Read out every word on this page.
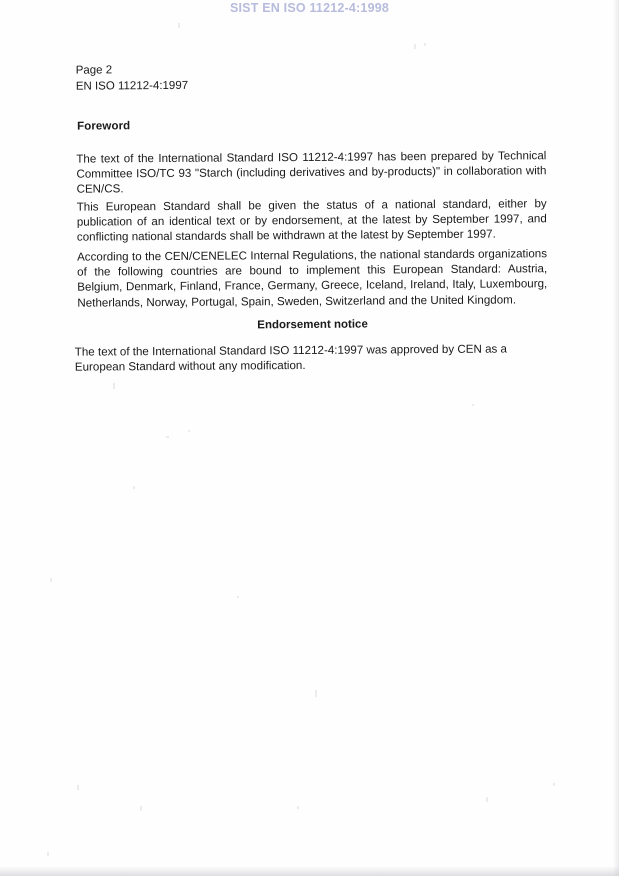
SIST EN ISO 11212-4:1998
Page 2
EN ISO 11212-4:1997
Foreword
The text of the International Standard ISO 11212-4:1997 has been prepared by Technical Committee ISO/TC 93 "Starch (including derivatives and by-products)" in collaboration with CEN/CS.
This European Standard shall be given the status of a national standard, either by publication of an identical text or by endorsement, at the latest by September 1997, and conflicting national standards shall be withdrawn at the latest by September 1997.
According to the CEN/CENELEC Internal Regulations, the national standards organizations of the following countries are bound to implement this European Standard: Austria, Belgium, Denmark, Finland, France, Germany, Greece, Iceland, Ireland, Italy, Luxembourg, Netherlands, Norway, Portugal, Spain, Sweden, Switzerland and the United Kingdom.
Endorsement notice
The text of the International Standard ISO 11212-4:1997 was approved by CEN as a European Standard without any modification.
